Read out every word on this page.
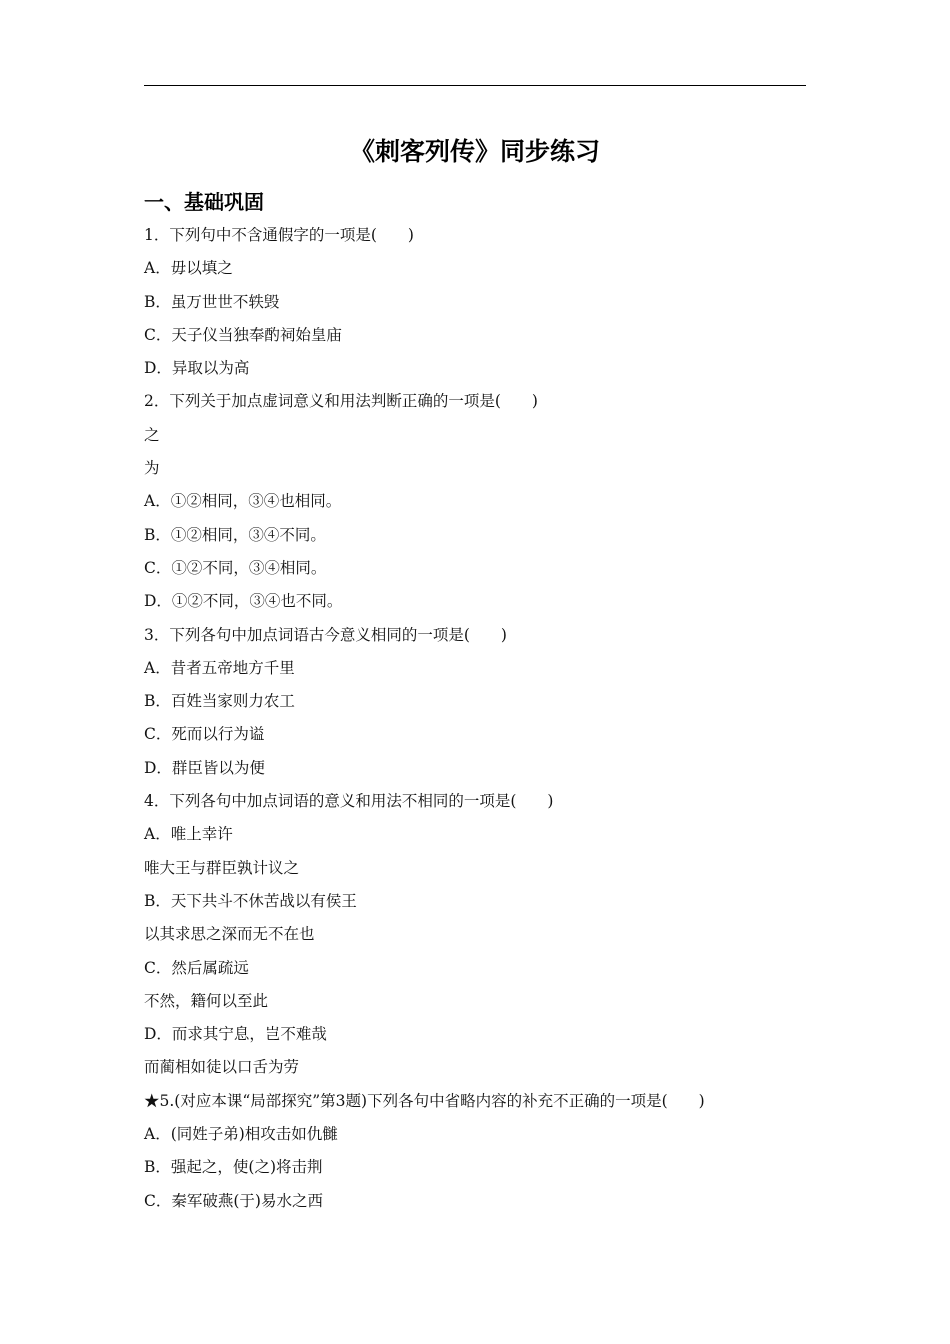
《刺客列传》同步练习
一、基础巩固
1．下列句中不含通假字的一项是(　　)
A．毋以填之
B．虽万世世不轶毁
C．天子仪当独奉酌祠始皇庙
D．异取以为高
2．下列关于加点虚词意义和用法判断正确的一项是(　　)
之
为
A．①②相同，③④也相同。
B．①②相同，③④不同。
C．①②不同，③④相同。
D．①②不同，③④也不同。
3．下列各句中加点词语古今意义相同的一项是(　　)
A．昔者五帝地方千里
B．百姓当家则力农工
C．死而以行为谥
D．群臣皆以为便
4．下列各句中加点词语的意义和用法不相同的一项是(　　)
A．唯上幸许
唯大王与群臣孰计议之
B．天下共斗不休苦战以有侯王
以其求思之深而无不在也
C．然后属疏远
不然，籍何以至此
D．而求其宁息，岂不难哉
而蔺相如徒以口舌为劳
★5.(对应本课“局部探究”第3题)下列各句中省略内容的补充不正确的一项是(　　)
A．(同姓子弟)相攻击如仇雠
B．强起之，使(之)将击荆
C．秦军破燕(于)易水之西
